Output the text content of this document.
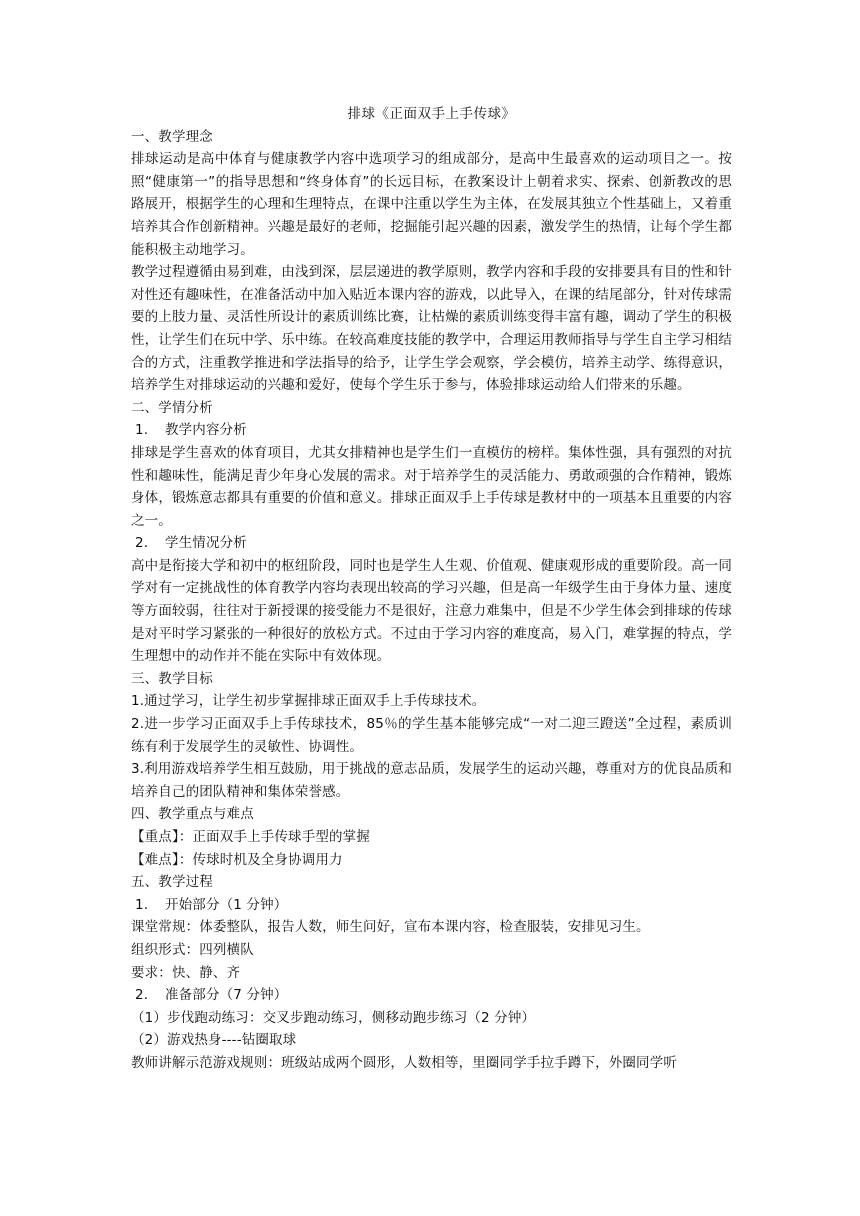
排球《正面双手上手传球》

一、教学理念

排球运动是高中体育与健康教学内容中选项学习的组成部分，是高中生最喜欢的运动项目之一。按照“健康第一”的指导思想和“终身体育”的长远目标，在教案设计上朝着求实、探索、创新教改的思路展开，根据学生的心理和生理特点，在课中注重以学生为主体，在发展其独立个性基础上，又着重培养其合作创新精神。兴趣是最好的老师，挖掘能引起兴趣的因素，激发学生的热情，让每个学生都能积极主动地学习。

教学过程遵循由易到难，由浅到深，层层递进的教学原则，教学内容和手段的安排要具有目的性和针对性还有趣味性，在准备活动中加入贴近本课内容的游戏，以此导入，在课的结尾部分，针对传球需要的上肢力量、灵活性所设计的素质训练比赛，让枯燥的素质训练变得丰富有趣，调动了学生的积极性，让学生们在玩中学、乐中练。在较高难度技能的教学中，合理运用教师指导与学生自主学习相结合的方式，注重教学推进和学法指导的给予，让学生学会观察，学会模仿，培养主动学、练得意识，培养学生对排球运动的兴趣和爱好，使每个学生乐于参与，体验排球运动给人们带来的乐趣。

二、学情分析

1. 教学内容分析

排球是学生喜欢的体育项目，尤其女排精神也是学生们一直模仿的榜样。集体性强，具有强烈的对抗性和趣味性，能满足青少年身心发展的需求。对于培养学生的灵活能力、勇敢顽强的合作精神，锻炼身体，锻炼意志都具有重要的价值和意义。排球正面双手上手传球是教材中的一项基本且重要的内容之一。

2. 学生情况分析

高中是衔接大学和初中的枢纽阶段，同时也是学生人生观、价值观、健康观形成的重要阶段。高一同学对有一定挑战性的体育教学内容均表现出较高的学习兴趣，但是高一年级学生由于身体力量、速度等方面较弱，往往对于新授课的接受能力不是很好，注意力难集中，但是不少学生体会到排球的传球是对平时学习紧张的一种很好的放松方式。不过由于学习内容的难度高，易入门，难掌握的特点，学生理想中的动作并不能在实际中有效体现。

三、教学目标

1.通过学习，让学生初步掌握排球正面双手上手传球技术。

2.进一步学习正面双手上手传球技术，85％的学生基本能够完成“一对二迎三蹬送”全过程，素质训练有利于发展学生的灵敏性、协调性。

3.利用游戏培养学生相互鼓励，用于挑战的意志品质，发展学生的运动兴趣，尊重对方的优良品质和培养自己的团队精神和集体荣誉感。

四、教学重点与难点

【重点】：正面双手上手传球手型的掌握

【难点】：传球时机及全身协调用力

五、教学过程

1. 开始部分（1 分钟）

课堂常规：体委整队，报告人数，师生问好，宣布本课内容，检查服装，安排见习生。

组织形式：四列横队

要求：快、静、齐

2. 准备部分（7 分钟）

（1）步伐跑动练习：交叉步跑动练习，侧移动跑步练习（2 分钟）

（2）游戏热身----钻圈取球

教师讲解示范游戏规则：班级站成两个圆形，人数相等，里圈同学手拉手蹲下，外圈同学听
